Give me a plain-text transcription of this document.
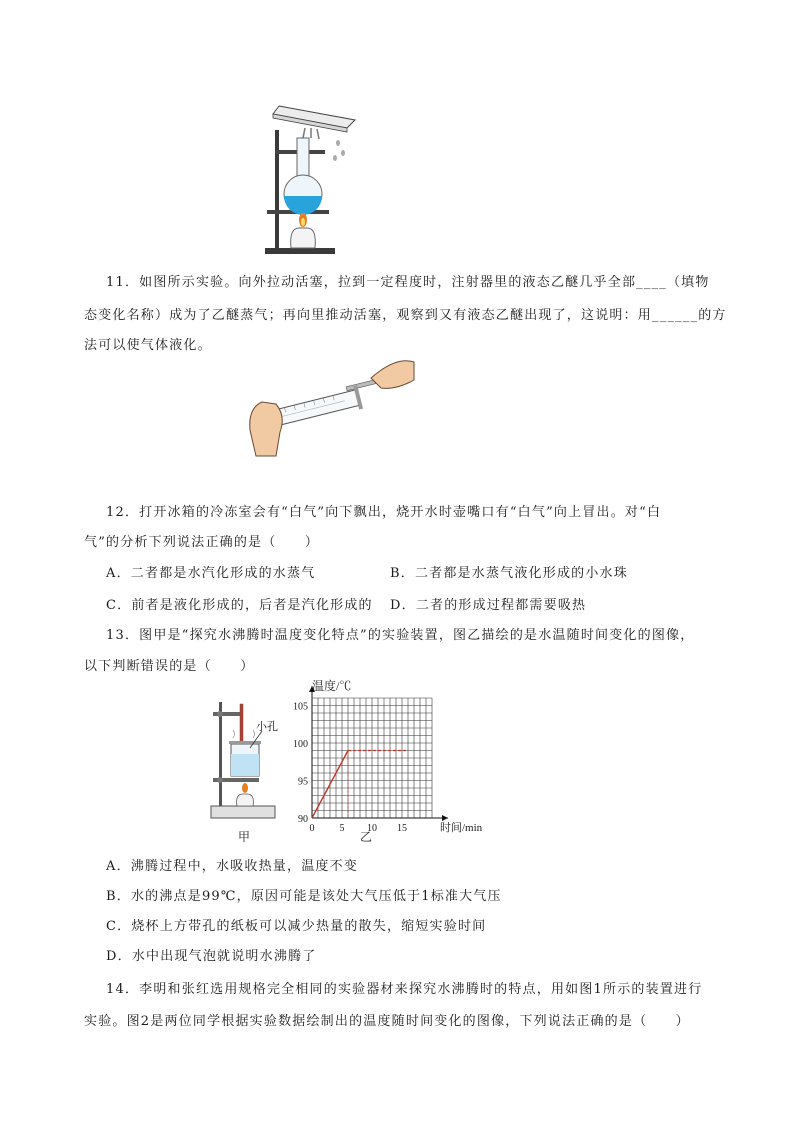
11．如图所示实验。向外拉动活塞，拉到一定程度时，注射器里的液态乙醚几乎全部____（填物
态变化名称）成为了乙醚蒸气；再向里推动活塞，观察到又有液态乙醚出现了，这说明：用______的方
法可以使气体液化。
12．打开冰箱的冷冻室会有“白气”向下飘出，烧开水时壶嘴口有“白气”向上冒出。对“白
气”的分析下列说法正确的是（　　）
A．二者都是水汽化形成的水蒸气	B．二者都是水蒸气液化形成的小水珠
C．前者是液化形成的，后者是汽化形成的 D．二者的形成过程都需要吸热
13．图甲是“探究水沸腾时温度变化特点”的实验装置，图乙描绘的是水温随时间变化的图像，
以下判断错误的是（　　）
小孔
甲
0	5 10 15
90
95
100
105
温度/℃
时间/min
乙
A．沸腾过程中，水吸收热量，温度不变
B．水的沸点是99℃，原因可能是该处大气压低于1标准大气压
C．烧杯上方带孔的纸板可以减少热量的散失，缩短实验时间
D．水中出现气泡就说明水沸腾了
14．李明和张红选用规格完全相同的实验器材来探究水沸腾时的特点，用如图1所示的装置进行
实验。图2是两位同学根据实验数据绘制出的温度随时间变化的图像，下列说法正确的是（　　）
